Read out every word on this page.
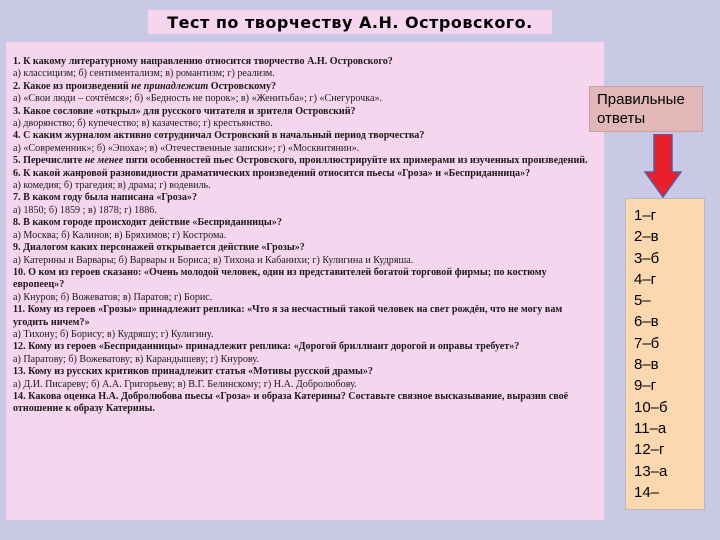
Тест по творчеству А.Н. Островского.
1. К какому литературному направлению относится творчество А.Н. Островского?
а) классицизм; б) сентиментализм; в) романтизм; г) реализм.
2. Какое из произведений не принадлежит Островскому?
а) «Свои люди – сочтёмся»; б) «Бедность не порок»; в) «Женитьба»; г) «Снегурочка».
3. Какое сословие «открыл» для русского читателя и зрителя Островский?
а) дворянство; б) купечество; в) казачество; г) крестьянство.
4. С каким журналом активно сотрудничал Островский в начальный период творчества?
а) «Современник»; б) «Эпоха»; в) «Отечественные записки»; г) «Москвитянин».
5. Перечислите не менее пяти особенностей пьес Островского, проиллюстрируйте их примерами из изученных произведений.
6. К какой жанровой разновидности драматических произведений относятся пьесы «Гроза» и «Бесприданница»?
а) комедия; б) трагедия; в) драма; г) водевиль.
7. В каком году была написана «Гроза»?
а) 1850; б) 1859 ; в) 1878; г) 1886.
8. В каком городе происходит действие «Бесприданницы»?
а) Москва; б) Калинов; в) Бряхимов; г) Кострома.
9. Диалогом каких персонажей открывается действие «Грозы»?
а) Катерины и Варвары; б) Варвары и Бориса; в) Тихона и Кабанихи; г) Кулигина и Кудряша.
10. О ком из героев сказано: «Очень молодой человек, один из представителей богатой торговой фирмы; по костюму европеец»?
а) Кнуров; б) Вожеватов; в) Паратов; г) Борис.
11. Кому из героев «Грозы» принадлежит реплика: «Что я за несчастный такой человек на свет рождён, что не могу вам угодить ничем?»
а) Тихону; б) Борису; в) Кудряшу; г) Кулигину.
12. Кому из героев «Бесприданницы» принадлежит реплика: «Дорогой бриллиант дорогой и оправы требует»?
а) Паратову; б) Вожеватову; в) Карандышеву; г) Кнурову.
13. Кому из русских критиков принадлежит статья «Мотивы русской драмы»?
а) Д.И. Писареву; б) А.А. Григорьеву; в) В.Г. Белинскому; г) Н.А. Добролюбову.
14. Какова оценка Н.А. Добролюбова пьесы «Гроза» и образа Катерины? Составьте связное высказывание, выразив своё отношение к образу Катерины.
Правильные ответы
1–г
2–в
3–б
4–г
5–
6–в
7–б
8–в
9–г
10–б
11–а
12–г
13–а
14–
